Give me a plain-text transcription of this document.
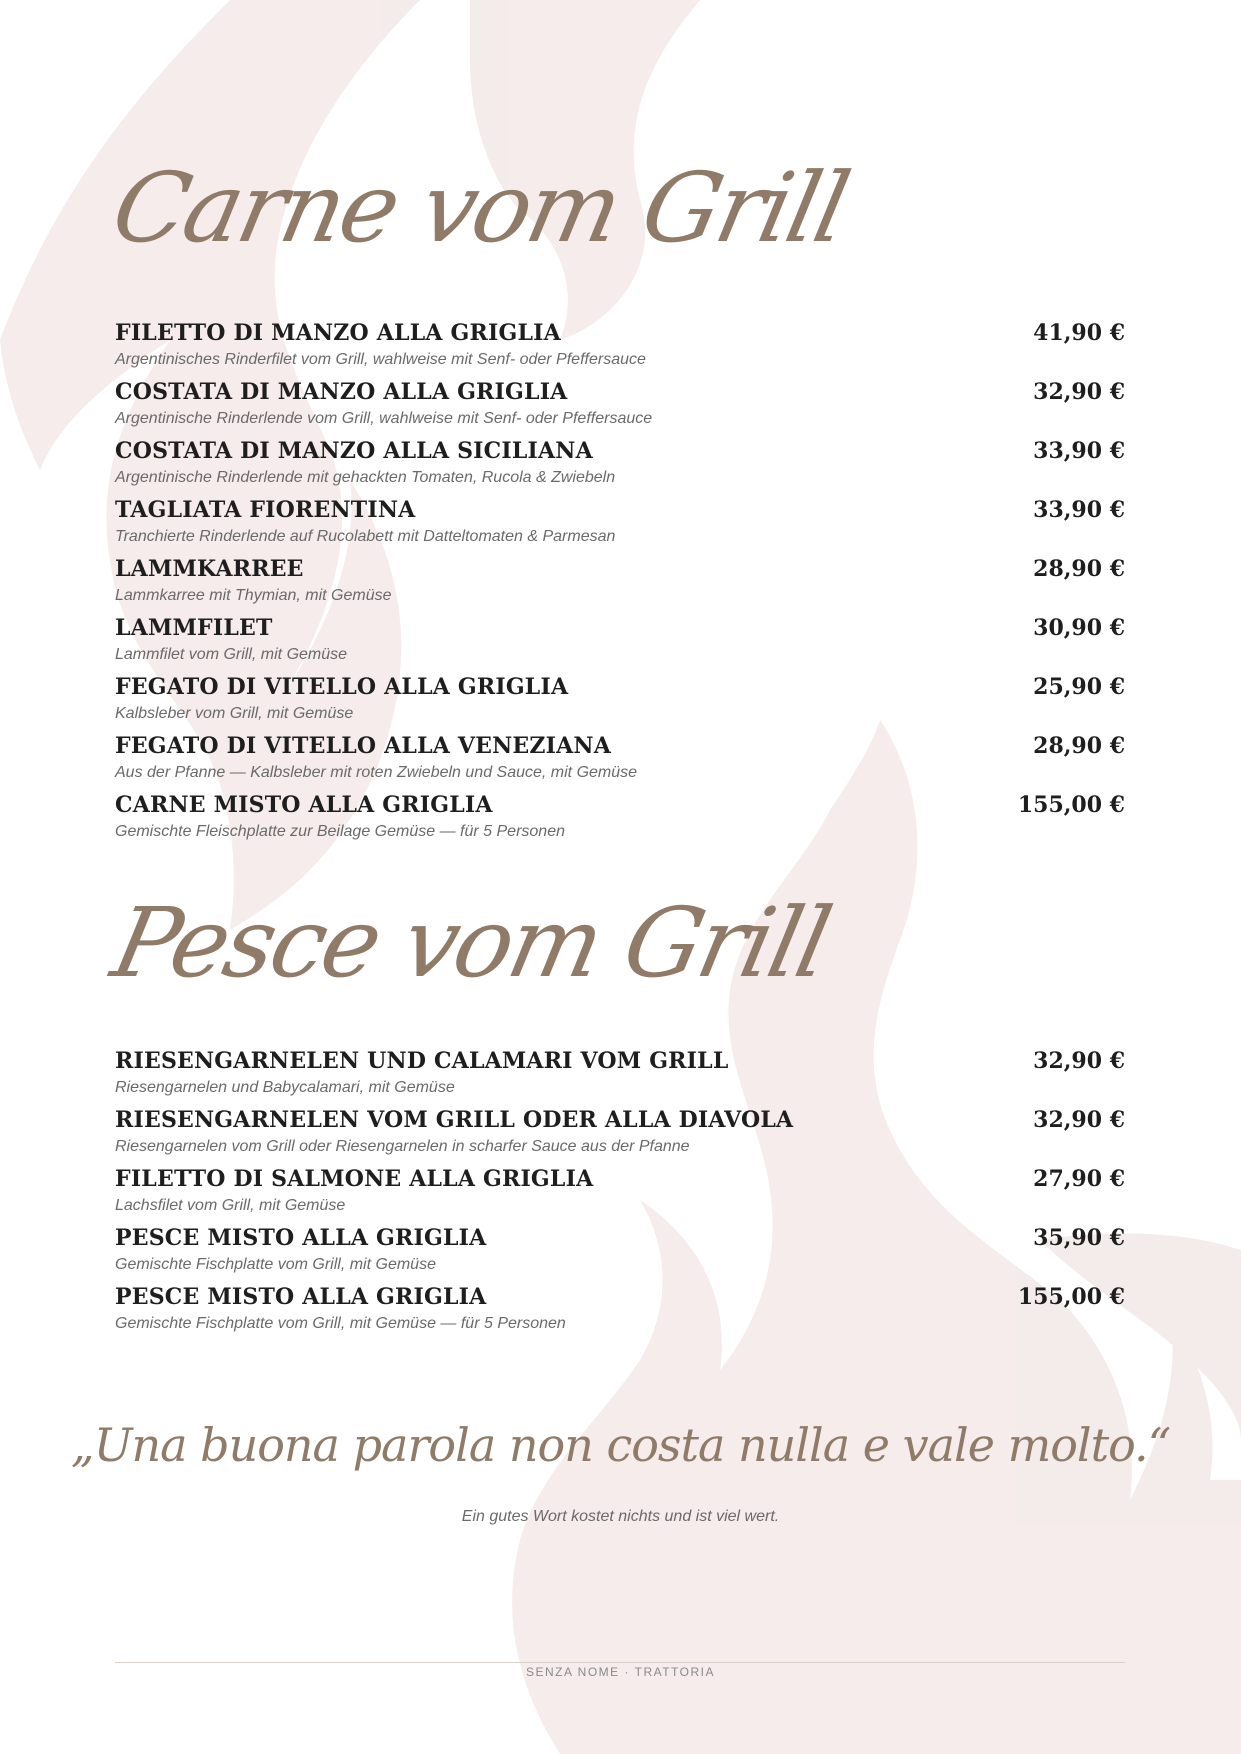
Carne vom Grill
FILETTO DI MANZO ALLA GRIGLIA	41,90 €
Argentinisches Rinderfilet vom Grill, wahlweise mit Senf- oder Pfeffersauce
COSTATA DI MANZO ALLA GRIGLIA	32,90 €
Argentinische Rinderlende vom Grill, wahlweise mit Senf- oder Pfeffersauce
COSTATA DI MANZO ALLA SICILIANA	33,90 €
Argentinische Rinderlende mit gehackten Tomaten, Rucola & Zwiebeln
TAGLIATA FIORENTINA	33,90 €
Tranchierte Rinderlende auf Rucolabett mit Datteltomaten & Parmesan
LAMMKARREE	28,90 €
Lammkarree mit Thymian, mit Gemüse
LAMMFILET	30,90 €
Lammfilet vom Grill, mit Gemüse
FEGATO DI VITELLO ALLA GRIGLIA	25,90 €
Kalbsleber vom Grill, mit Gemüse
FEGATO DI VITELLO ALLA VENEZIANA	28,90 €
Aus der Pfanne — Kalbsleber mit roten Zwiebeln und Sauce, mit Gemüse
CARNE MISTO ALLA GRIGLIA	155,00 €
Gemischte Fleischplatte zur Beilage Gemüse — für 5 Personen
Pesce vom Grill
RIESENGARNELEN UND CALAMARI VOM GRILL	32,90 €
Riesengarnelen und Babycalamari, mit Gemüse
RIESENGARNELEN VOM GRILL ODER ALLA DIAVOLA	32,90 €
Riesengarnelen vom Grill oder Riesengarnelen in scharfer Sauce aus der Pfanne
FILETTO DI SALMONE ALLA GRIGLIA	27,90 €
Lachsfilet vom Grill, mit Gemüse
PESCE MISTO ALLA GRIGLIA	35,90 €
Gemischte Fischplatte vom Grill, mit Gemüse
PESCE MISTO ALLA GRIGLIA	155,00 €
Gemischte Fischplatte vom Grill, mit Gemüse — für 5 Personen
„Una buona parola non costa nulla e vale molto.“
Ein gutes Wort kostet nichts und ist viel wert.
SENZA NOME · TRATTORIA
